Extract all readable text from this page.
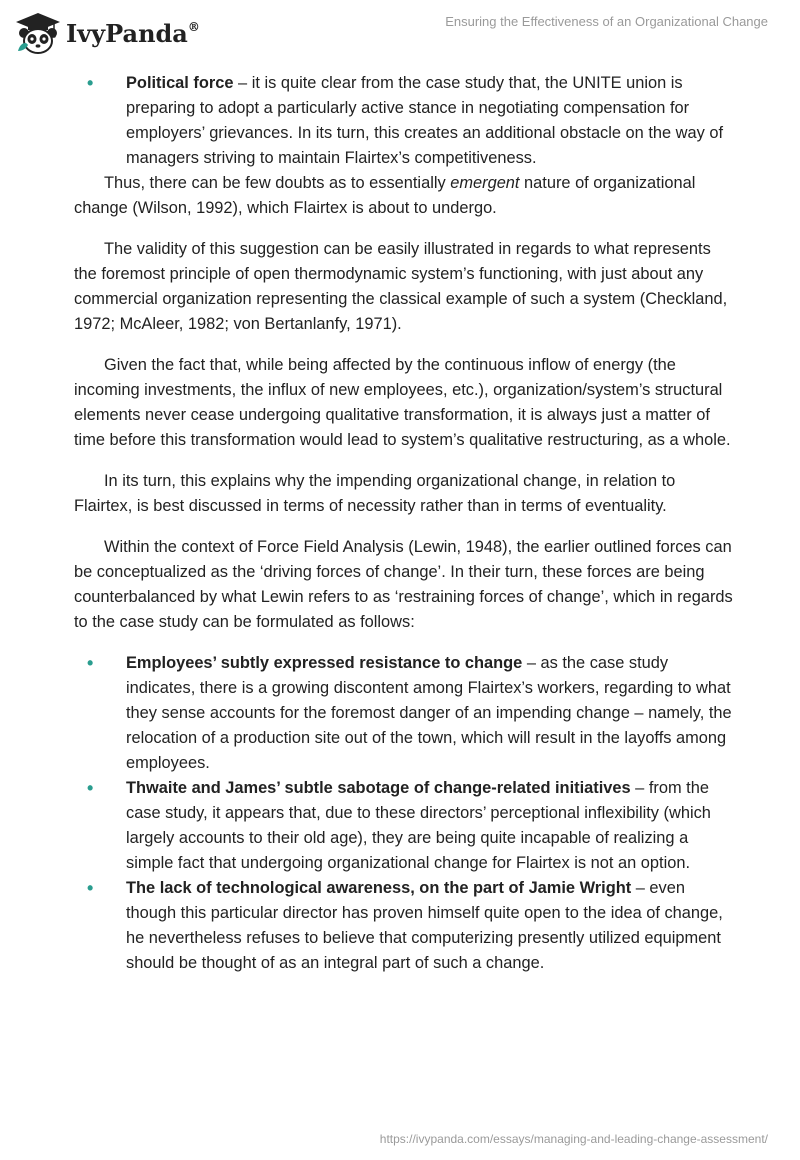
IvyPanda®	Ensuring the Effectiveness of an Organizational Change
• Political force – it is quite clear from the case study that, the UNITE union is preparing to adopt a particularly active stance in negotiating compensation for employers’ grievances. In its turn, this creates an additional obstacle on the way of managers striving to maintain Flairtex’s competitiveness.

Thus, there can be few doubts as to essentially emergent nature of organizational change (Wilson, 1992), which Flairtex is about to undergo.

The validity of this suggestion can be easily illustrated in regards to what represents the foremost principle of open thermodynamic system’s functioning, with just about any commercial organization representing the classical example of such a system (Checkland, 1972; McAleer, 1982; von Bertanlanfy, 1971).

Given the fact that, while being affected by the continuous inflow of energy (the incoming investments, the influx of new employees, etc.), organization/system’s structural elements never cease undergoing qualitative transformation, it is always just a matter of time before this transformation would lead to system’s qualitative restructuring, as a whole.

In its turn, this explains why the impending organizational change, in relation to Flairtex, is best discussed in terms of necessity rather than in terms of eventuality.

Within the context of Force Field Analysis (Lewin, 1948), the earlier outlined forces can be conceptualized as the ‘driving forces of change’. In their turn, these forces are being counterbalanced by what Lewin refers to as ‘restraining forces of change’, which in regards to the case study can be formulated as follows:

• Employees’ subtly expressed resistance to change – as the case study indicates, there is a growing discontent among Flairtex’s workers, regarding to what they sense accounts for the foremost danger of an impending change – namely, the relocation of a production site out of the town, which will result in the layoffs among employees.
• Thwaite and James’ subtle sabotage of change-related initiatives – from the case study, it appears that, due to these directors’ perceptional inflexibility (which largely accounts to their old age), they are being quite incapable of realizing a simple fact that undergoing organizational change for Flairtex is not an option.
• The lack of technological awareness, on the part of Jamie Wright – even though this particular director has proven himself quite open to the idea of change, he nevertheless refuses to believe that computerizing presently utilized equipment should be thought of as an integral part of such a change.
https://ivypanda.com/essays/managing-and-leading-change-assessment/
